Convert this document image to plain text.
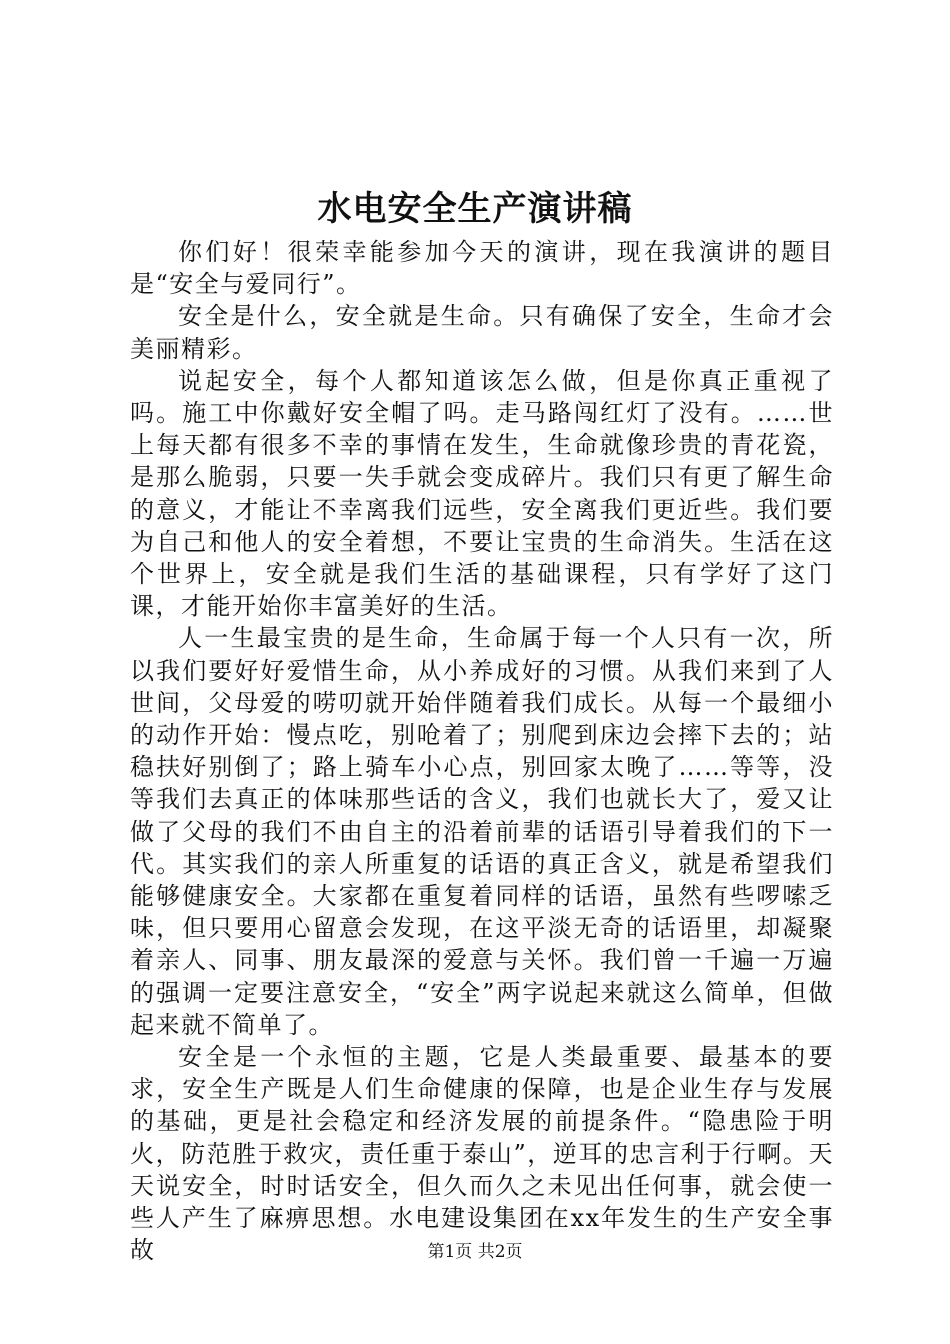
水电安全生产演讲稿

你们好！很荣幸能参加今天的演讲，现在我演讲的题目是“安全与爱同行”。

安全是什么，安全就是生命。只有确保了安全，生命才会美丽精彩。

说起安全，每个人都知道该怎么做，但是你真正重视了吗。施工中你戴好安全帽了吗。走马路闯红灯了没有。……世上每天都有很多不幸的事情在发生，生命就像珍贵的青花瓷，是那么脆弱，只要一失手就会变成碎片。我们只有更了解生命的意义，才能让不幸离我们远些，安全离我们更近些。我们要为自己和他人的安全着想，不要让宝贵的生命消失。生活在这个世界上，安全就是我们生活的基础课程，只有学好了这门课，才能开始你丰富美好的生活。

人一生最宝贵的是生命，生命属于每一个人只有一次，所以我们要好好爱惜生命，从小养成好的习惯。从我们来到了人世间，父母爱的唠叨就开始伴随着我们成长。从每一个最细小的动作开始：慢点吃，别呛着了；别爬到床边会摔下去的；站稳扶好别倒了；路上骑车小心点，别回家太晚了……等等，没等我们去真正的体味那些话的含义，我们也就长大了，爱又让做了父母的我们不由自主的沿着前辈的话语引导着我们的下一代。其实我们的亲人所重复的话语的真正含义，就是希望我们能够健康安全。大家都在重复着同样的话语，虽然有些啰嗦乏味，但只要用心留意会发现，在这平淡无奇的话语里，却凝聚着亲人、同事、朋友最深的爱意与关怀。我们曾一千遍一万遍的强调一定要注意安全，“安全”两字说起来就这么简单，但做起来就不简单了。

安全是一个永恒的主题，它是人类最重要、最基本的要求，安全生产既是人们生命健康的保障，也是企业生存与发展的基础，更是社会稳定和经济发展的前提条件。“隐患险于明火，防范胜于救灾，责任重于泰山”，逆耳的忠言利于行啊。天天说安全，时时话安全，但久而久之未见出任何事，就会使一些人产生了麻痹思想。水电建设集团在xx年发生的生产安全事故	第1页 共2页
